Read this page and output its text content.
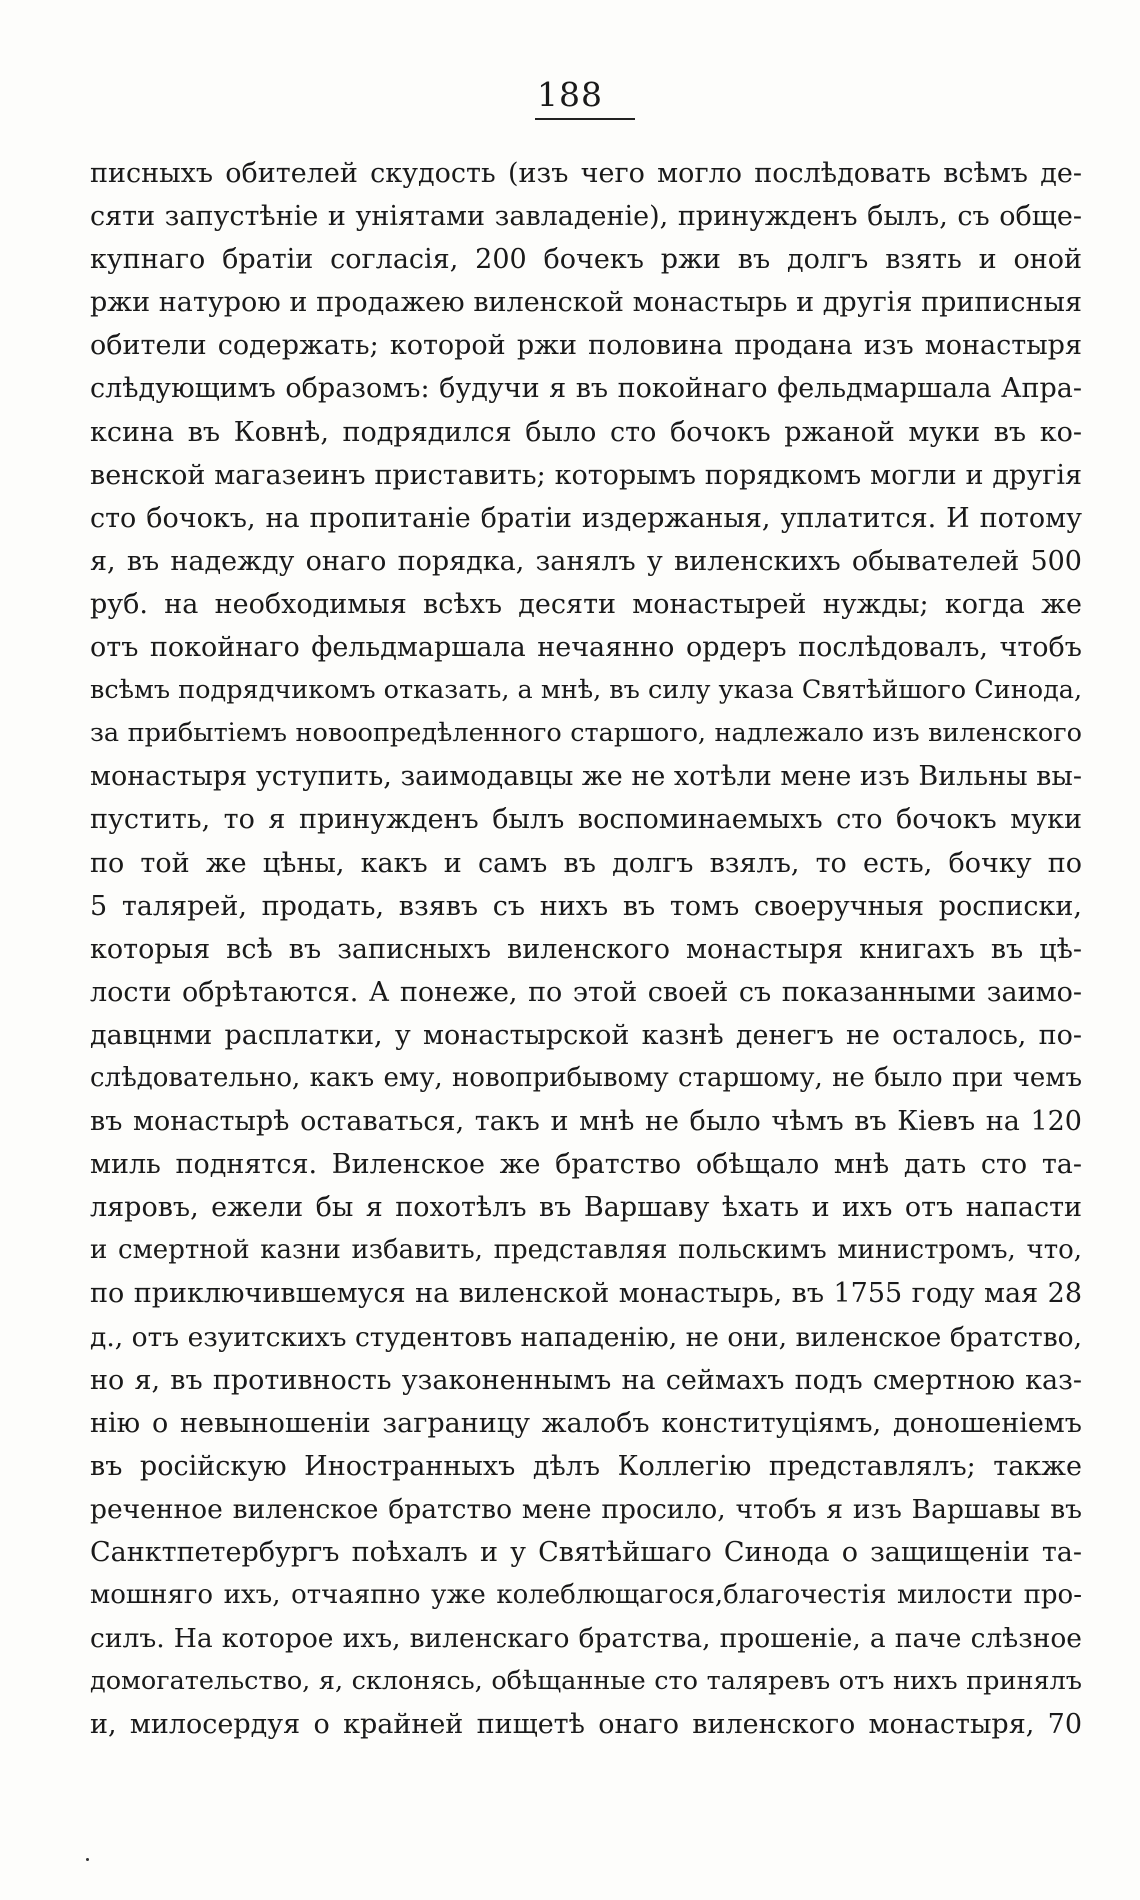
188
писныхъ обителей скудость (изъ чего могло послѣдовать всѣмъ де-
сяти запустѣніе и уніятами завладеніе), принужденъ былъ, съ обще-
купнаго братіи согласія, 200 бочекъ ржи въ долгъ взять и оной
ржи натурою и продажею виленской монастырь и другія приписныя
обители содержать; которой ржи половина продана изъ монастыря
слѣдующимъ образомъ: будучи я въ покойнаго фельдмаршала Апра-
ксина въ Ковнѣ, подрядился было сто бочокъ ржаной муки въ ко-
венской магазеинъ приставить; которымъ порядкомъ могли и другія
сто бочокъ, на пропитаніе братіи издержаныя, уплатится. И потому
я, въ надежду онаго порядка, занялъ у виленскихъ обывателей 500
руб. на необходимыя всѣхъ десяти монастырей нужды; когда же
отъ покойнаго фельдмаршала нечаянно ордеръ послѣдовалъ, чтобъ
всѣмъ подрядчикомъ отказать, а мнѣ, въ силу указа Святѣйшого Синода,
за прибытіемъ новоопредѣленного старшого, надлежало изъ виленского
монастыря уступить, заимодавцы же не хотѣли мене изъ Вильны вы-
пустить, то я принужденъ былъ воспоминаемыхъ сто бочокъ муки
по той же цѣны, какъ и самъ въ долгъ взялъ, то есть, бочку по
5 талярей, продать, взявъ съ нихъ въ томъ своеручныя росписки,
которыя всѣ въ записныхъ виленского монастыря книгахъ въ цѣ-
лости обрѣтаются. А понеже, по этой своей съ показанными заимо-
давцнми расплатки, у монастырской казнѣ денегъ не осталось, по-
слѣдовательно, какъ ему, новоприбывому старшому, не было при чемъ
въ монастырѣ оставаться, такъ и мнѣ не было чѣмъ въ Кіевъ на 120
миль поднятся. Виленское же братство обѣщало мнѣ дать сто та-
ляровъ, ежели бы я похотѣлъ въ Варшаву ѣхать и ихъ отъ напасти
и смертной казни избавить, представляя польскимъ министромъ, что,
по приключившемуся на виленской монастырь, въ 1755 году мая 28
д., отъ езуитскихъ студентовъ нападенію, не они, виленское братство,
но я, въ противность узаконеннымъ на сеймахъ подъ смертною каз-
нію о невыношеніи заграницу жалобъ конституціямъ, доношеніемъ
въ російскую Иностранныхъ дѣлъ Коллегію представлялъ; также
реченное виленское братство мене просило, чтобъ я изъ Варшавы въ
Санктпетербургъ поѣхалъ и у Святѣйшаго Синода о защищеніи та-
мошняго ихъ, отчаяпно уже колеблющагося,благочестія милости про-
силъ. На которое ихъ, виленскаго братства, прошеніе, а паче слѣзное
домогательство, я, склонясь, обѣщанные сто таляревъ отъ нихъ принялъ
и, милосердуя о крайней пищетѣ онаго виленского монастыря, 70
